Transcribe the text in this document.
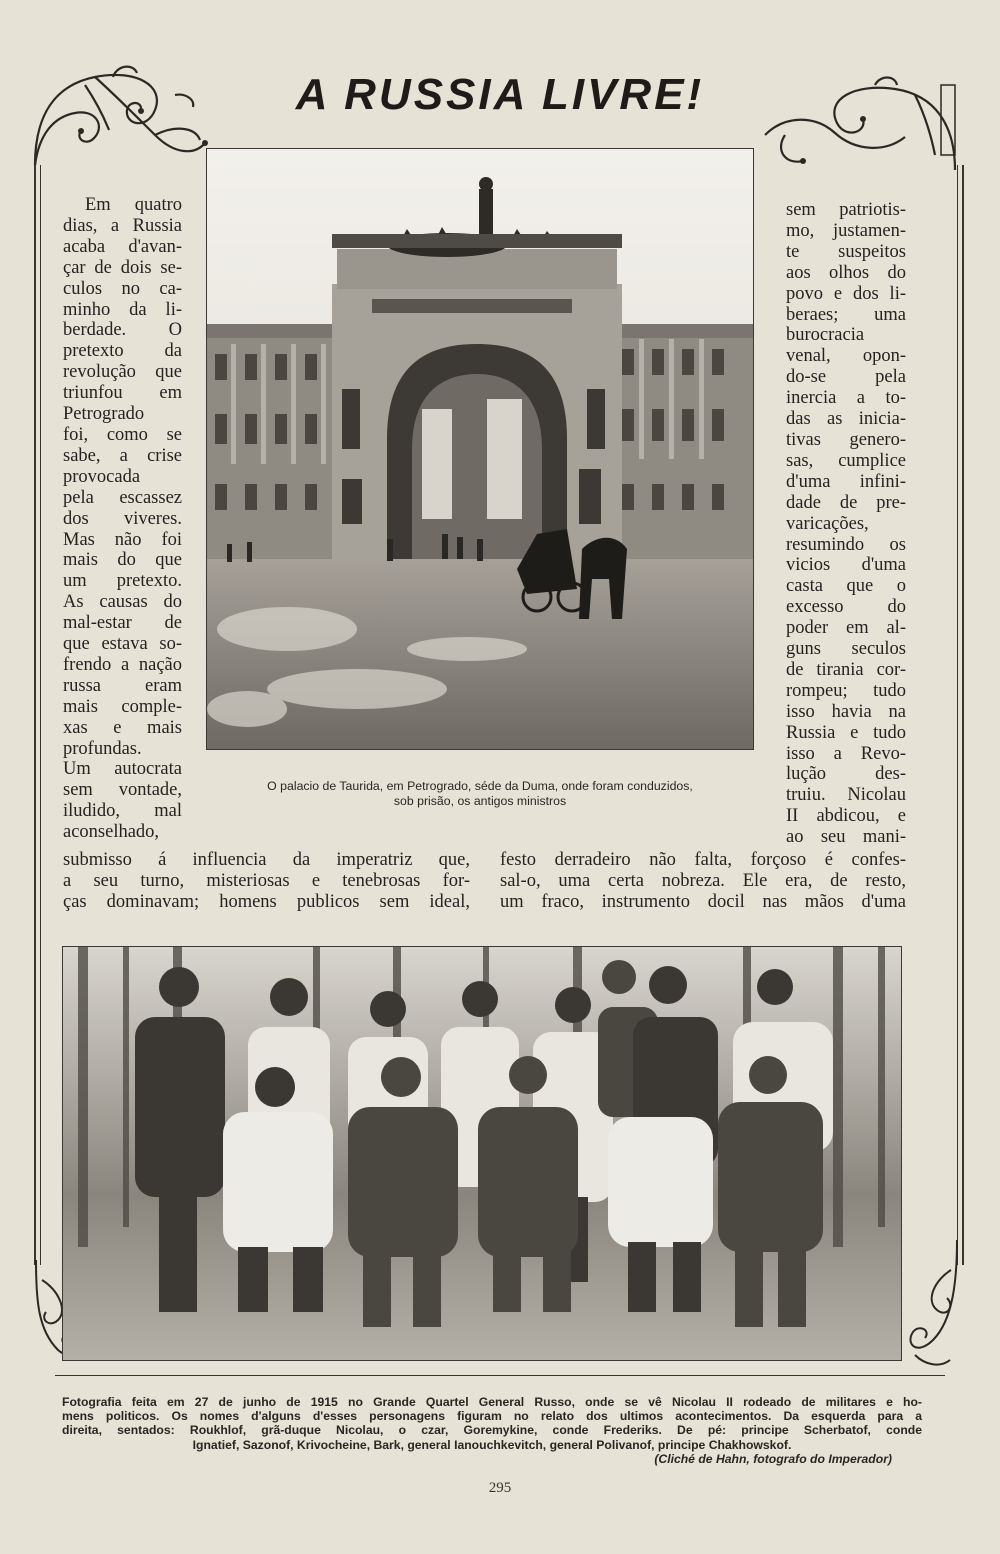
A RUSSIA LIVRE!
O palacio de Taurida, em Petrogrado, séde da Duma, onde foram conduzidos,
sob prisão, os antigos ministros
Em quatro
dias, a Russia
acaba d'avan-
çar de dois se-
culos no ca-
minho da li-
berdade. O
pretexto da
revolução que
triunfou em
Petrogrado
foi, como se
sabe, a crise
provocada
pela escassez
dos viveres.
Mas não foi
mais do que
um pretexto.
As causas do
mal-estar de
que estava so-
frendo a nação
russa eram
mais comple-
xas e mais
profundas.
Um autocrata
sem vontade,
iludido, mal
aconselhado,
sem patriotis-
mo, justamen-
te suspeitos
aos olhos do
povo e dos li-
beraes; uma
burocracia
venal, opon-
do-se pela
inercia a to-
das as inicia-
tivas genero-
sas, cumplice
d'uma infini-
dade de pre-
varicações,
resumindo os
vicios d'uma
casta que o
excesso do
poder em al-
guns seculos
de tirania cor-
rompeu; tudo
isso havia na
Russia e tudo
isso a Revo-
lução des-
truiu. Nicolau
II abdicou, e
ao seu mani-
submisso á influencia da imperatriz que,
a seu turno, misteriosas e tenebrosas for-
ças dominavam; homens publicos sem ideal,
festo derradeiro não falta, forçoso é confes-
sal-o, uma certa nobreza. Ele era, de resto,
um fraco, instrumento docil nas mãos d'uma
Fotografia feita em 27 de junho de 1915 no Grande Quartel General Russo, onde se vê Nicolau II rodeado de militares e ho-
mens politicos. Os nomes d'alguns d'esses personagens figuram no relato dos ultimos acontecimentos. Da esquerda para a
direita, sentados: Roukhlof, grã-duque Nicolau, o czar, Goremykine, conde Frederiks. De pé: principe Scherbatof, conde
Ignatief, Sazonof, Krivocheine, Bark, general Ianouchkevitch, general Polivanof, principe Chakhowskof.
(Cliché de Hahn, fotografo do Imperador)
295
